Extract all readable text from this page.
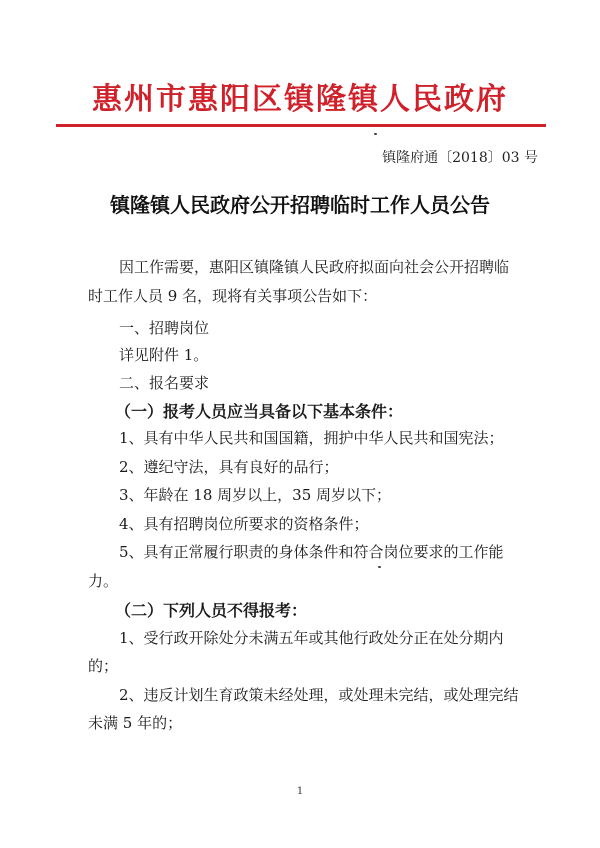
惠州市惠阳区镇隆镇人民政府
镇隆府通〔2018〕03 号
镇隆镇人民政府公开招聘临时工作人员公告
因工作需要，惠阳区镇隆镇人民政府拟面向社会公开招聘临
时工作人员 9 名，现将有关事项公告如下：
一、招聘岗位
详见附件 1。
二、报名要求
（一）报考人员应当具备以下基本条件：
1、具有中华人民共和国国籍，拥护中华人民共和国宪法；
2、遵纪守法，具有良好的品行；
3、年龄在 18 周岁以上，35 周岁以下；
4、具有招聘岗位所要求的资格条件；
5、具有正常履行职责的身体条件和符合岗位要求的工作能
力。
（二）下列人员不得报考：
1、受行政开除处分未满五年或其他行政处分正在处分期内
的；
2、违反计划生育政策未经处理，或处理未完结，或处理完结
未满 5 年的；
1
